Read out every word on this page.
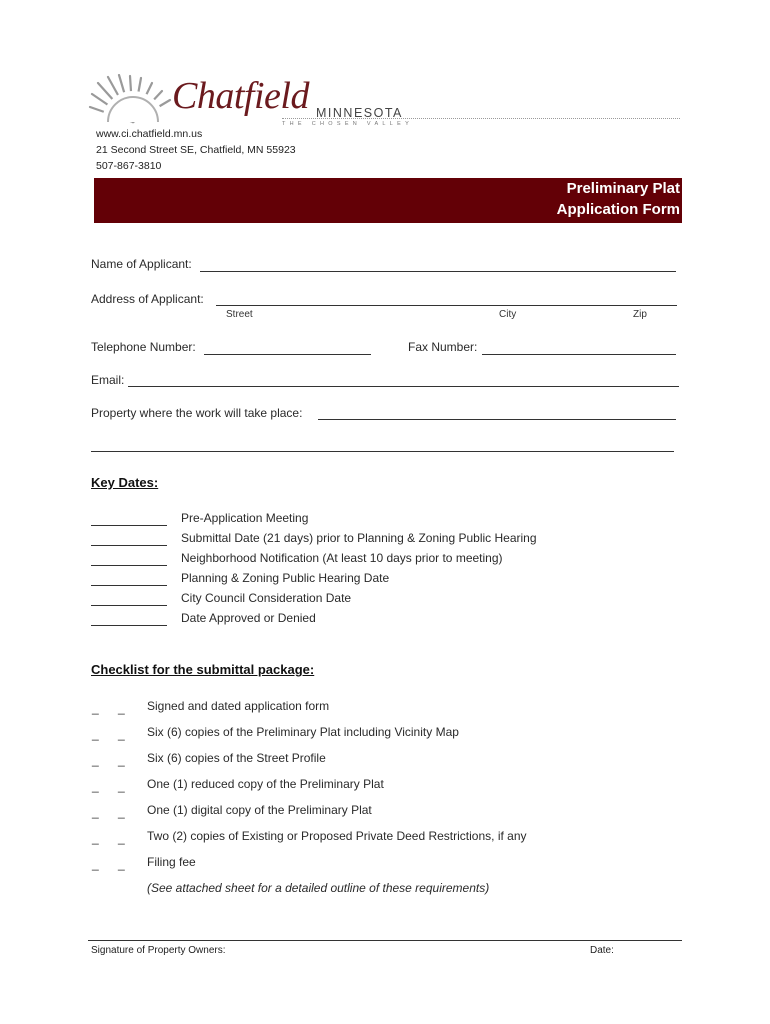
Chatfield MINNESOTA
THE CHOSEN VALLEY
www.ci.chatfield.mn.us
21 Second Street SE, Chatfield, MN 55923
507-867-3810
Preliminary Plat
Application Form
Name of Applicant:
Address of Applicant:
Street	City	Zip
Telephone Number:	Fax Number:
Email:
Property where the work will take place:
Key Dates:
Pre-Application Meeting
Submittal Date (21 days) prior to Planning & Zoning Public Hearing
Neighborhood Notification (At least 10 days prior to meeting)
Planning & Zoning Public Hearing Date
City Council Consideration Date
Date Approved or Denied
Checklist for the submittal package:
_ _ Signed and dated application form
_ _ Six (6) copies of the Preliminary Plat including Vicinity Map
_ _ Six (6) copies of the Street Profile
_ _ One (1) reduced copy of the Preliminary Plat
_ _ One (1) digital copy of the Preliminary Plat
_ _ Two (2) copies of Existing or Proposed Private Deed Restrictions, if any
_ _ Filing fee
(See attached sheet for a detailed outline of these requirements)
Signature of Property Owners:	Date:
